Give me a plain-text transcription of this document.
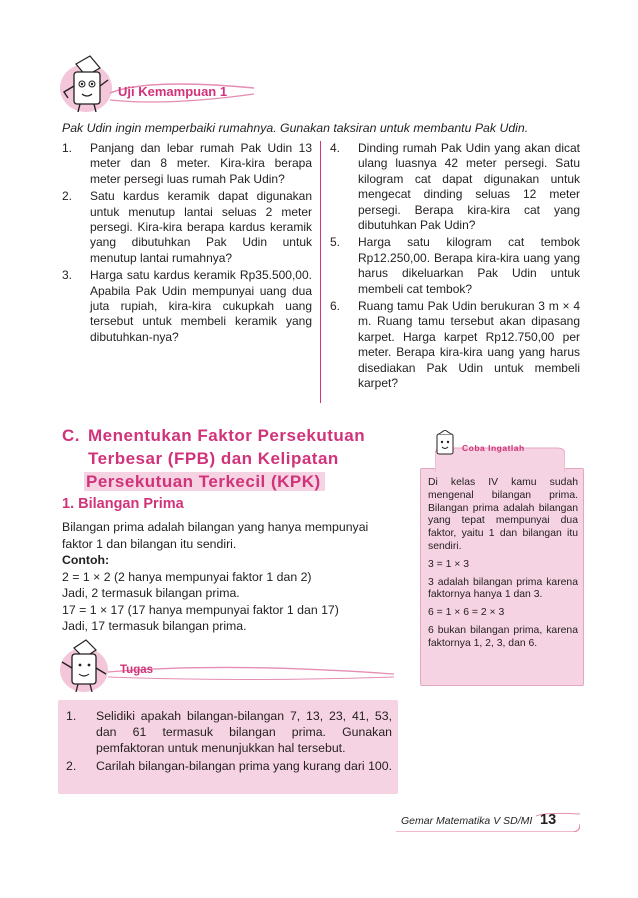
Uji Kemampuan 1
Pak Udin ingin memperbaiki rumahnya. Gunakan taksiran untuk membantu Pak Udin.
1.	Panjang dan lebar rumah Pak Udin 13 meter dan 8 meter. Kira-kira berapa meter persegi luas rumah Pak Udin?
2.	Satu kardus keramik dapat digunakan untuk menutup lantai seluas 2 meter persegi. Kira-kira berapa kardus keramik yang dibutuhkan Pak Udin untuk menutup lantai rumahnya?
3.	Harga satu kardus keramik Rp35.500,00. Apabila Pak Udin mempunyai uang dua juta rupiah, kira-kira cukupkah uang tersebut untuk membeli keramik yang dibutuhkan-nya?
4.	Dinding rumah Pak Udin yang akan dicat ulang luasnya 42 meter persegi. Satu kilogram cat dapat digunakan untuk mengecat dinding seluas 12 meter persegi. Berapa kira-kira cat yang dibutuhkan Pak Udin?
5.	Harga satu kilogram cat tembok Rp12.250,00. Berapa kira-kira uang yang harus dikeluarkan Pak Udin untuk membeli cat tembok?
6.	Ruang tamu Pak Udin berukuran 3 m × 4 m. Ruang tamu tersebut akan dipasang karpet. Harga karpet Rp12.750,00 per meter. Berapa kira-kira uang yang harus disediakan Pak Udin untuk membeli karpet?
C. Menentukan Faktor Persekutuan
Terbesar (FPB) dan Kelipatan
Persekutuan Terkecil (KPK)
1. Bilangan Prima
Bilangan prima adalah bilangan yang hanya mempunyai faktor 1 dan bilangan itu sendiri.
Contoh:
2 = 1 × 2 (2 hanya mempunyai faktor 1 dan 2)
Jadi, 2 termasuk bilangan prima.
17 = 1 × 17 (17 hanya mempunyai faktor 1 dan 17)
Jadi, 17 termasuk bilangan prima.
Coba Ingatlah

Di kelas IV kamu sudah mengenal bilangan prima. Bilangan prima adalah bilangan yang tepat mempunyai dua faktor, yaitu 1 dan bilangan itu sendiri.

3 = 1 × 3

3 adalah bilangan prima karena faktornya hanya 1 dan 3.

6 = 1 × 6 = 2 × 3

6 bukan bilangan prima, karena faktornya 1, 2, 3, dan 6.

Tugas
1.	Selidiki apakah bilangan-bilangan 7, 13, 23, 41, 53, dan 61 termasuk bilangan prima. Gunakan pemfaktoran untuk menunjukkan hal tersebut.
2.	Carilah bilangan-bilangan prima yang kurang dari 100.
Gemar Matematika V SD/MI 13
